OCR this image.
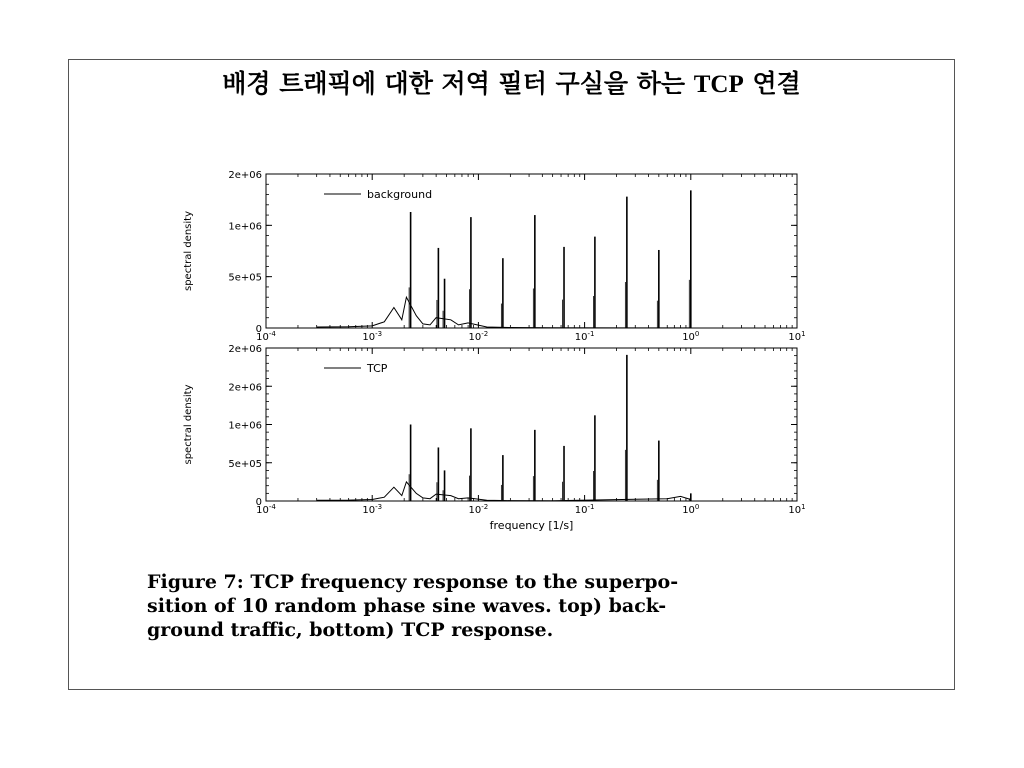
배경 트래픽에 대한 저역 필터 구실을 하는 TCP 연결
$10^{-4}$	$10^{-3}$	$10^{-2}$	$10^{-1}$	$10^0$	$10^1$
0
5e+05
1e+06
2e+06
spectral density
background
$10^{-4}$	$10^{-3}$	$10^{-2}$	$10^{-1}$	$10^0$	$10^1$
0
5e+05
1e+06
2e+06
2e+06
spectral density
frequency [1/s]
TCP
Figure 7: TCP frequency response to the superpo-
sition of 10 random phase sine waves. top) back-
ground traffic, bottom) TCP response.
